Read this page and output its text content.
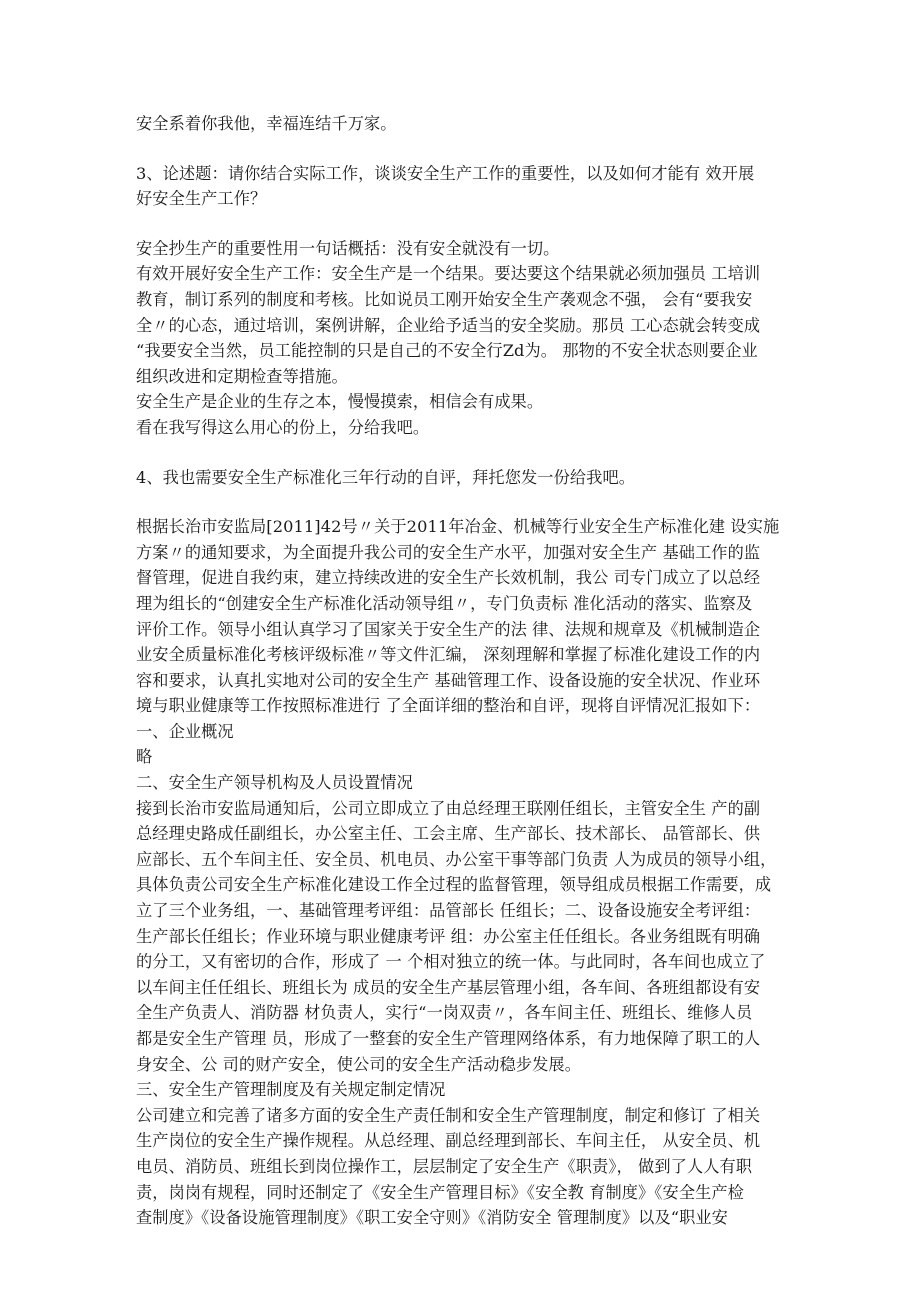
安全系着你我他，幸福连结千万家。
3、论述题：请你结合实际工作，谈谈安全生产工作的重要性，以及如何才能有 效开展
好安全生产工作？
安全抄生产的重要性用一句话概括：没有安全就没有一切。
有效开展好安全生产工作：安全生产是一个结果。要达要这个结果就必须加强员 工培训
教育，制订系列的制度和考核。比如说员工刚开始安全生产袭观念不强， 会有“要我安
全〃的心态，通过培训，案例讲解，企业给予适当的安全奖励。那员 工心态就会转变成
“我要安全当然，员工能控制的只是自己的不安全行Zd为。 那物的不安全状态则要企业
组织改进和定期检查等措施。
安全生产是企业的生存之本，慢慢摸索，相信会有成果。
看在我写得这么用心的份上，分给我吧。
4、我也需要安全生产标准化三年行动的自评，拜托您发一份给我吧。
根据长治市安监局[2011]42号〃关于2011年冶金、机械等行业安全生产标准化建 设实施
方案〃的通知要求，为全面提升我公司的安全生产水平，加强对安全生产 基础工作的监
督管理，促进自我约束，建立持续改进的安全生产长效机制，我公 司专门成立了以总经
理为组长的“创建安全生产标准化活动领导组〃，专门负责标 准化活动的落实、监察及
评价工作。领导小组认真学习了国家关于安全生产的法 律、法规和规章及《机械制造企
业安全质量标准化考核评级标准〃等文件汇编， 深刻理解和掌握了标准化建设工作的内
容和要求，认真扎实地对公司的安全生产 基础管理工作、设备设施的安全状况、作业环
境与职业健康等工作按照标准进行 了全面详细的整治和自评，现将自评情况汇报如下：
一、企业概况
略
二、安全生产领导机构及人员设置情况
接到长治市安监局通知后，公司立即成立了由总经理王联刚任组长，主管安全生 产的副
总经理史路成任副组长，办公室主任、工会主席、生产部长、技术部长、 品管部长、供
应部长、五个车间主任、安全员、机电员、办公室干事等部门负责 人为成员的领导小组，
具体负责公司安全生产标准化建设工作全过程的监督管理，领导组成员根据工作需要，成
立了三个业务组，一、基础管理考评组：品管部长 任组长；二、设备设施安全考评组：
生产部长任组长；作业环境与职业健康考评 组：办公室主任任组长。各业务组既有明确
的分工，又有密切的合作，形成了 一 个相对独立的统一体。与此同时，各车间也成立了
以车间主任任组长、班组长为 成员的安全生产基层管理小组，各车间、各班组都设有安
全生产负责人、消防器 材负责人，实行“一岗双责〃，各车间主任、班组长、维修人员
都是安全生产管理 员，形成了一整套的安全生产管理网络体系，有力地保障了职工的人
身安全、公 司的财产安全，使公司的安全生产活动稳步发展。
三、安全生产管理制度及有关规定制定情况
公司建立和完善了诸多方面的安全生产责任制和安全生产管理制度，制定和修订 了相关
生产岗位的安全生产操作规程。从总经理、副总经理到部长、车间主任， 从安全员、机
电员、消防员、班组长到岗位操作工，层层制定了安全生产《职责》， 做到了人人有职
责，岗岗有规程，同时还制定了《安全生产管理目标》《安全教 育制度》《安全生产检
查制度》《设备设施管理制度》《职工安全守则》《消防安全 管理制度》以及“职业安
